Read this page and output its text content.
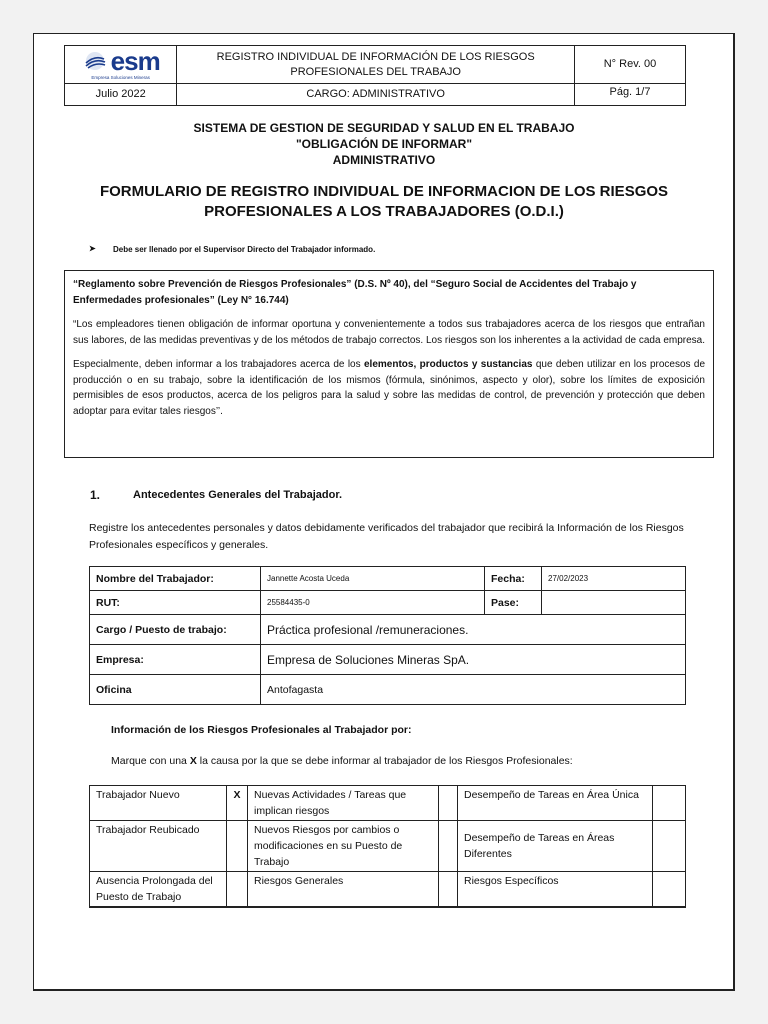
esm
Empresa Soluciones Mineras	REGISTRO INDIVIDUAL DE INFORMACIÓN DE LOS RIESGOS PROFESIONALES DEL TRABAJO	N° Rev. 00
Julio 2022	CARGO: ADMINISTRATIVO	Pág. 1/7
SISTEMA DE GESTION DE SEGURIDAD Y SALUD EN EL TRABAJO
"OBLIGACIÓN DE INFORMAR"
ADMINISTRATIVO
FORMULARIO DE REGISTRO INDIVIDUAL DE INFORMACION DE LOS RIESGOS
PROFESIONALES A LOS TRABAJADORES (O.D.I.)
➤ Debe ser llenado por el Supervisor Directo del Trabajador informado.

“Reglamento sobre Prevención de Riesgos Profesionales” (D.S. Nº 40), del “Seguro Social de Accidentes del Trabajo y Enfermedades profesionales” (Ley N° 16.744)

“Los empleadores tienen obligación de informar oportuna y convenientemente a todos sus trabajadores acerca de los riesgos que entrañan sus labores, de las medidas preventivas y de los métodos de trabajo correctos. Los riesgos son los inherentes a la actividad de cada empresa.

Especialmente, deben informar a los trabajadores acerca de los elementos, productos y sustancias que deben utilizar en los procesos de producción o en su trabajo, sobre la identificación de los mismos (fórmula, sinónimos, aspecto y olor), sobre los límites de exposición permisibles de esos productos, acerca de los peligros para la salud y sobre las medidas de control, de prevención y protección que deben adoptar para evitar tales riesgos’’.

1.	Antecedentes Generales del Trabajador.
Registre los antecedentes personales y datos debidamente verificados del trabajador que recibirá la Información de los Riesgos Profesionales específicos y generales.
Nombre del Trabajador:	Jannette Acosta Uceda	Fecha:	27/02/2023
RUT:	25584435-0	Pase:	
Cargo / Puesto de trabajo:	Práctica profesional /remuneraciones.		
Empresa:	Empresa de Soluciones Mineras SpA.		
Oficina	Antofagasta		
Información de los Riesgos Profesionales al Trabajador por:
Marque con una X la causa por la que se debe informar al trabajador de los Riesgos Profesionales:
Trabajador Nuevo	X	Nuevas Actividades / Tareas que implican riesgos		Desempeño de Tareas en Área Única	
Trabajador Reubicado		Nuevos Riesgos por cambios o modificaciones en su Puesto de Trabajo		Desempeño de Tareas en Áreas Diferentes	
Ausencia Prolongada del Puesto de Trabajo		Riesgos Generales		Riesgos Específicos	
